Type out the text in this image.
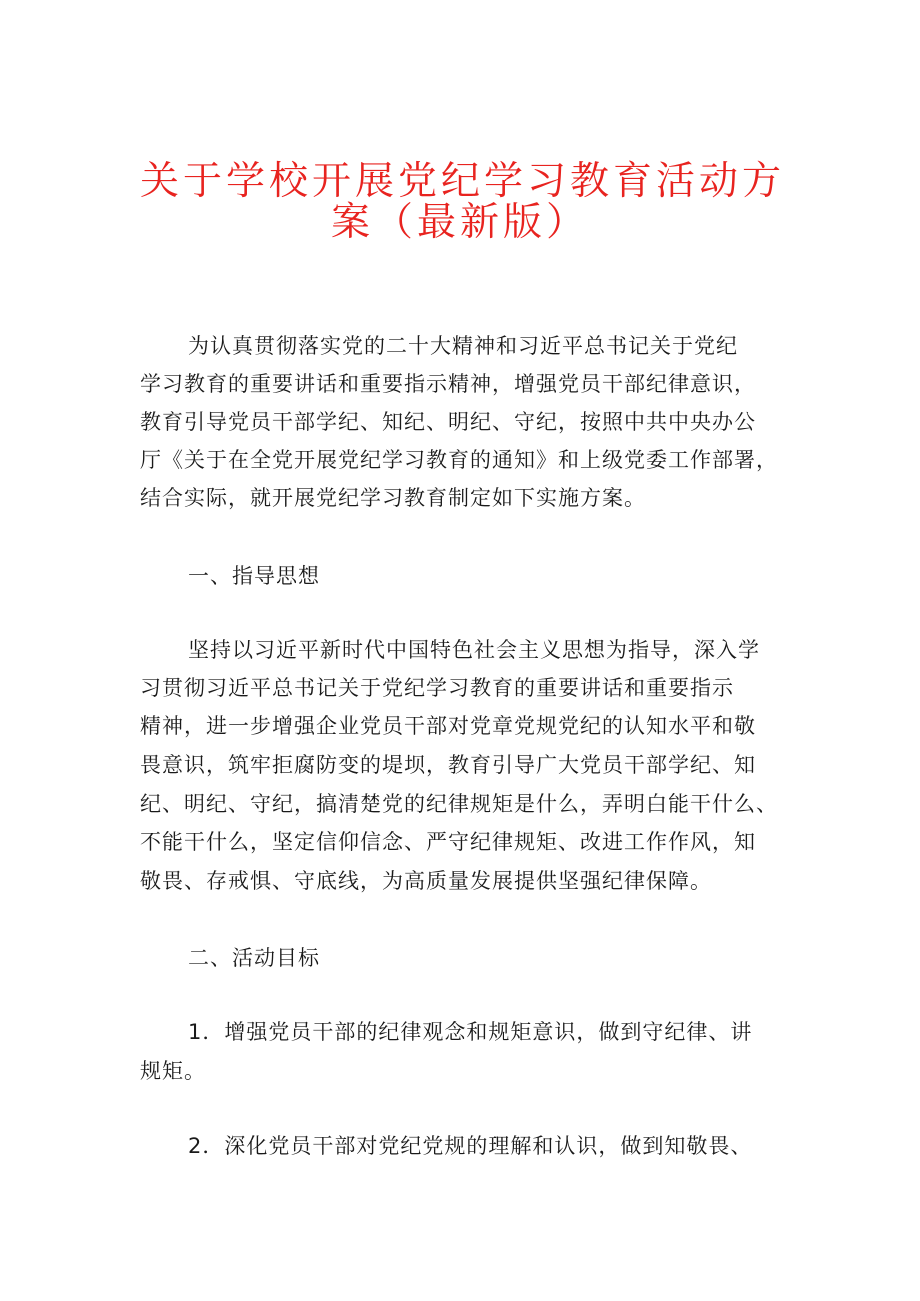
关于学校开展党纪学习教育活动方
案（最新版）
为认真贯彻落实党的二十大精神和习近平总书记关于党纪
学习教育的重要讲话和重要指示精神，增强党员干部纪律意识，
教育引导党员干部学纪、知纪、明纪、守纪，按照中共中央办公
厅《关于在全党开展党纪学习教育的通知》和上级党委工作部署，
结合实际，就开展党纪学习教育制定如下实施方案。
一、指导思想
坚持以习近平新时代中国特色社会主义思想为指导，深入学
习贯彻习近平总书记关于党纪学习教育的重要讲话和重要指示
精神，进一步增强企业党员干部对党章党规党纪的认知水平和敬
畏意识，筑牢拒腐防变的堤坝，教育引导广大党员干部学纪、知
纪、明纪、守纪，搞清楚党的纪律规矩是什么，弄明白能干什么、
不能干什么，坚定信仰信念、严守纪律规矩、改进工作作风，知
敬畏、存戒惧、守底线，为高质量发展提供坚强纪律保障。
二、活动目标
1．增强党员干部的纪律观念和规矩意识，做到守纪律、讲
规矩。
2．深化党员干部对党纪党规的理解和认识，做到知敬畏、
